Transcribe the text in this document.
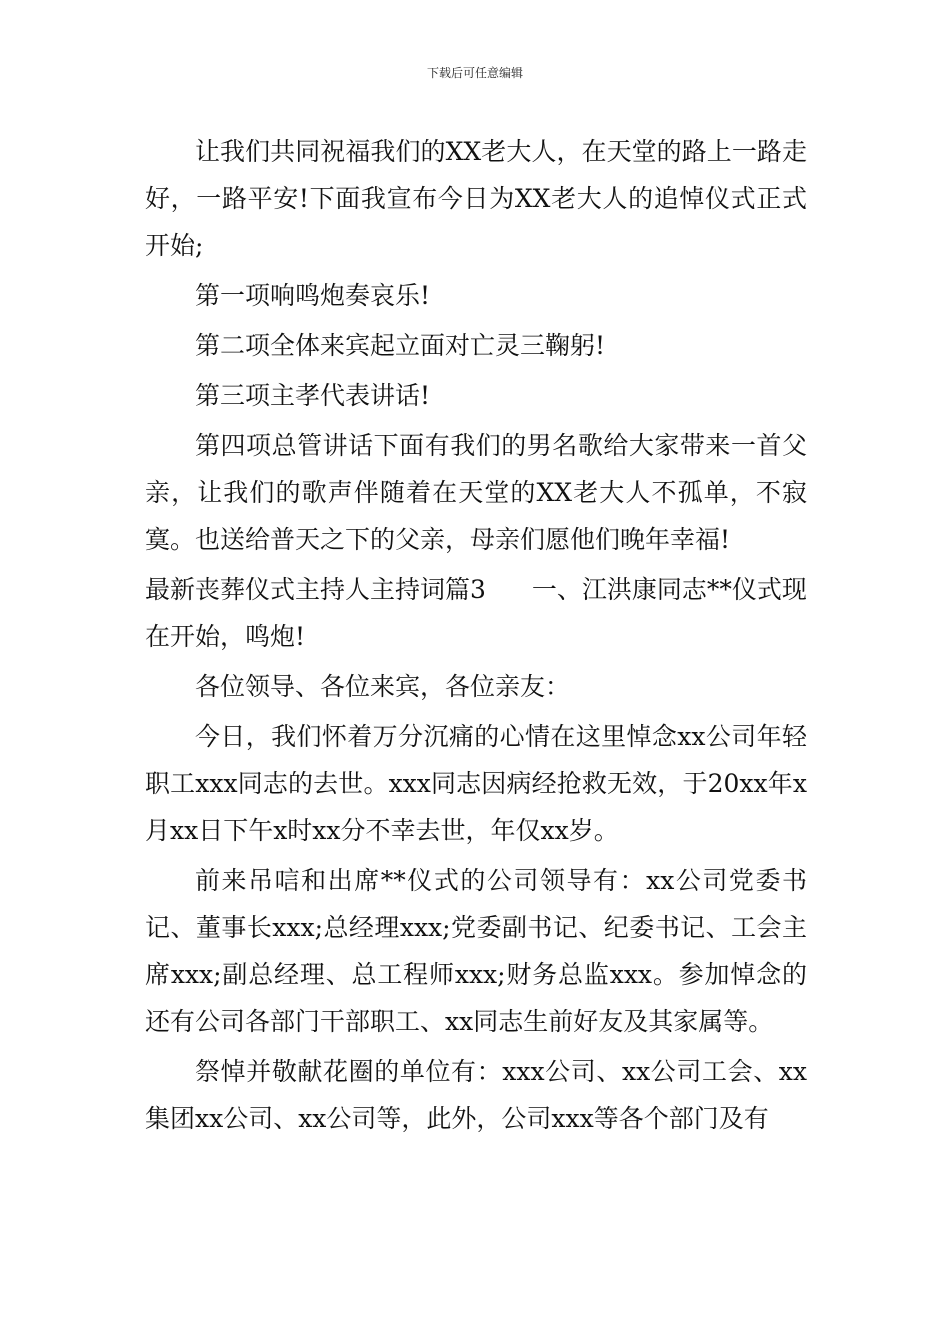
下载后可任意编辑

让我们共同祝福我们的XX老大人，在天堂的路上一路走好，一路平安!下面我宣布今日为XX老大人的追悼仪式正式开始;

第一项响鸣炮奏哀乐!

第二项全体来宾起立面对亡灵三鞠躬!

第三项主孝代表讲话!

第四项总管讲话下面有我们的男名歌给大家带来一首父亲，让我们的歌声伴随着在天堂的XX老大人不孤单，不寂寞。也送给普天之下的父亲，母亲们愿他们晚年幸福!

最新丧葬仪式主持人主持词篇3 一、江洪康同志**仪式现在开始，鸣炮!

各位领导、各位来宾，各位亲友：

今日，我们怀着万分沉痛的心情在这里悼念xx公司年轻职工xxx同志的去世。xxx同志因病经抢救无效，于20xx年x月xx日下午x时xx分不幸去世，年仅xx岁。

前来吊唁和出席**仪式的公司领导有：xx公司党委书记、董事长xxx;总经理xxx;党委副书记、纪委书记、工会主席xxx;副总经理、总工程师xxx;财务总监xxx。参加悼念的还有公司各部门干部职工、xx同志生前好友及其家属等。

祭悼并敬献花圈的单位有：xxx公司、xx公司工会、xx集团xx公司、xx公司等，此外，公司xxx等各个部门及有
